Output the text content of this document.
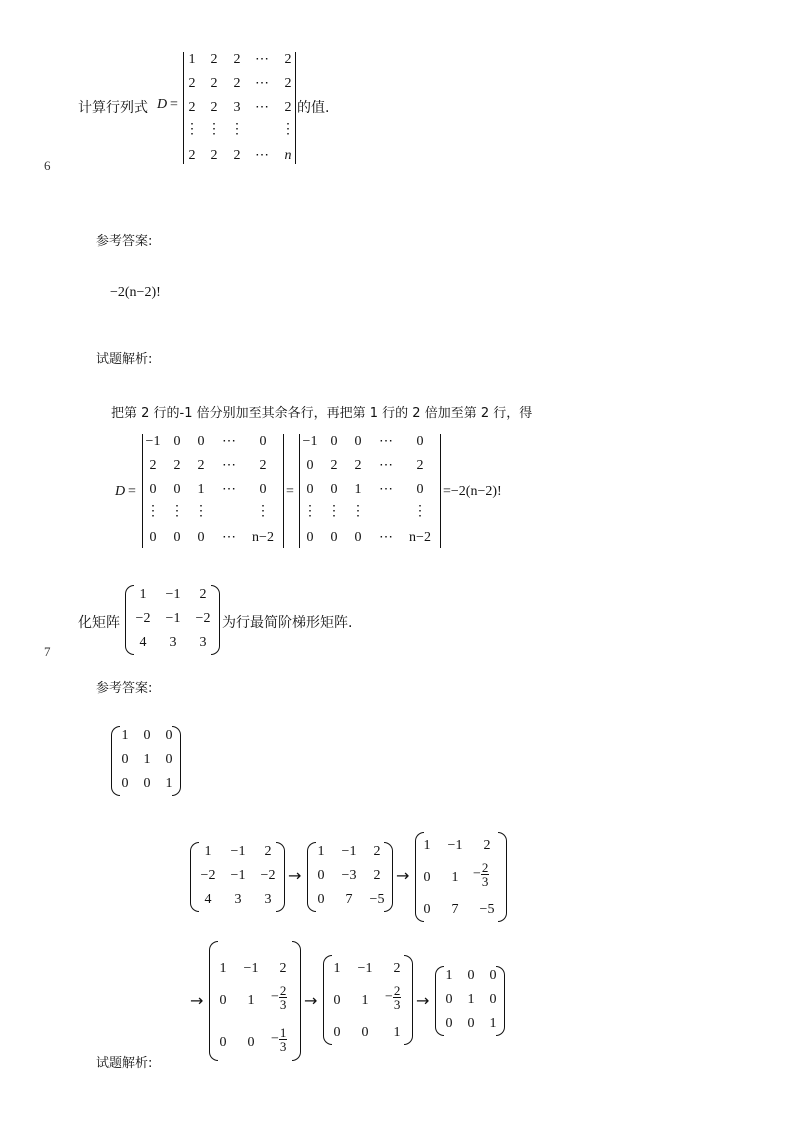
6
计算行列式 D =
1	2	2	⋯	2
2	2	2	⋯	2
2	2	3	⋯	2
⋮ ⋮ ⋮	⋮
2	2	2	⋯	n
的值.
参考答案:
−2(n−2)!
试题解析:
把第 2 行的-1 倍分别加至其余各行，再把第 1 行的 2 倍加至第 2 行，得
D =
−1 0	0	⋯	0
2	2	2	⋯	2
0	0	1	⋯	0
⋮ ⋮ ⋮	⋮
0	0	0	⋯	n−2
=
−1 0	0	⋯	0
0	2	2	⋯	2
0	0	1	⋯	0
⋮ ⋮ ⋮	⋮
0	0	0	⋯	n−2
=−2(n−2)!
7
化矩阵
1	−1	2
−2	−1	−2
4	3	3
为行最简阶梯形矩阵.
参考答案:
1	0	0
0	1	0
0	0	1
1	−1	2
−2	−1	−2
4	3	3
→
1	−1	2
0	−3	2
0	7	−5
→
1	−1	2
0	1	− $\frac{2}{3}$
0	7	−5
→
1	−1	2
0	1	− $\frac{2}{3}$
0	0	− $\frac{1}{3}$
→
1	−1	2
0	1	− $\frac{2}{3}$
0	0	1
→
1	0	0
0	1	0
0	0	1
试题解析:
